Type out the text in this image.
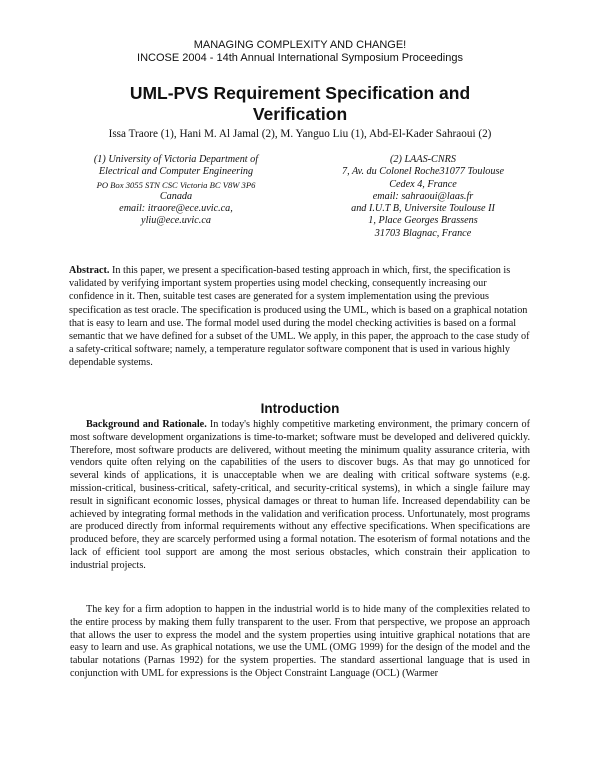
MANAGING COMPLEXITY AND CHANGE!
INCOSE 2004 - 14th Annual International Symposium Proceedings
UML-PVS Requirement Specification and
Verification
Issa Traore (1), Hani M. Al Jamal (2), M. Yanguo Liu (1), Abd-El-Kader Sahraoui (2)
(1) University of Victoria Department of
Electrical and Computer Engineering
PO Box 3055 STN CSC Victoria BC V8W 3P6
Canada
email: itraore@ece.uvic.ca,
yliu@ece.uvic.ca
(2) LAAS-CNRS
7, Av. du Colonel Roche31077 Toulouse
Cedex 4, France
email: sahraoui@laas.fr
and I.U.T B, Universite Toulouse II
1, Place Georges Brassens
31703 Blagnac, France
Abstract. In this paper, we present a specification-based testing approach in which, first, the specification is validated by verifying important system properties using model checking, consequently increasing our confidence in it. Then, suitable test cases are generated for a system implementation using the previous specification as test oracle. The specification is produced using the UML, which is based on a graphical notation that is easy to learn and use. The formal model used during the model checking activities is based on a formal semantic that we have defined for a subset of the UML. We apply, in this paper, the approach to the case study of a safety-critical software; namely, a temperature regulator software component that is used in various highly dependable systems.
Introduction
Background and Rationale. In today's highly competitive marketing environment, the primary concern of most software development organizations is time-to-market; software must be developed and delivered quickly. Therefore, most software products are delivered, without meeting the minimum quality assurance criteria, with vendors quite often relying on the capabilities of the users to discover bugs. As that may go unnoticed for several kinds of applications, it is unacceptable when we are dealing with critical software systems (e.g. mission-critical, business-critical, safety-critical, and security-critical systems), in which a single failure may result in significant economic losses, physical damages or threat to human life. Increased dependability can be achieved by integrating formal methods in the validation and verification process. Unfortunately, most programs are produced directly from informal requirements without any effective specifications. When specifications are produced before, they are scarcely performed using a formal notation. The esoterism of formal notations and the lack of efficient tool support are among the most serious obstacles, which constrain their application to industrial projects.
The key for a firm adoption to happen in the industrial world is to hide many of the complexities related to the entire process by making them fully transparent to the user. From that perspective, we propose an approach that allows the user to express the model and the system properties using intuitive graphical notations that are easy to learn and use. As graphical notations, we use the UML (OMG 1999) for the design of the model and the tabular notations (Parnas 1992) for the system properties. The standard assertional language that is used in conjunction with UML for expressions is the Object Constraint Language (OCL) (Warmer
